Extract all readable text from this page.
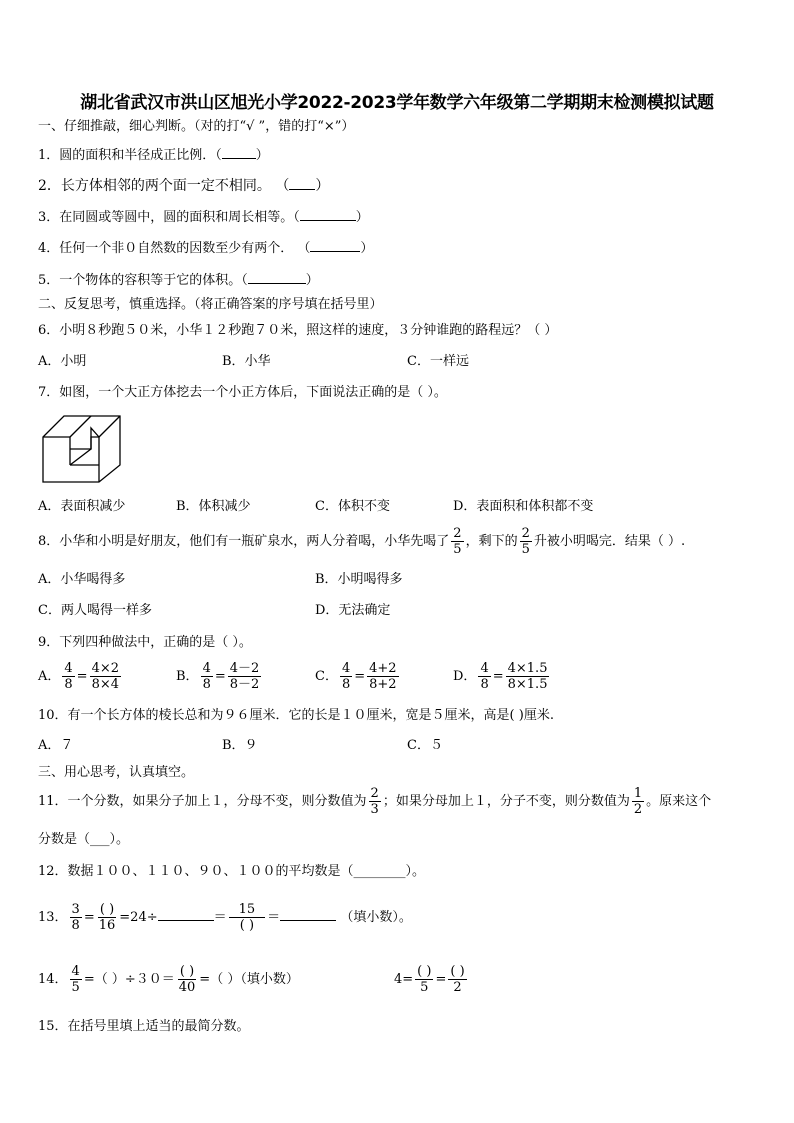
湖北省武汉市洪山区旭光小学2022-2023学年数学六年级第二学期期末检测模拟试题
一、仔细推敲，细心判断。（对的打“√ ”，错的打“×”）
1．圆的面积和半径成正比例．（	）
2．长方体相邻的两个面一定不相同。 （ ）
3．在同圆或等圆中，圆的面积和周长相等。（	）
4．任何一个非０自然数的因数至少有两个． （	）
5．一个物体的容积等于它的体积。（	）
二、反复思考，慎重选择。（将正确答案的序号填在括号里）
6．小明８秒跑５０米，小华１２秒跑７０米，照这样的速度，３分钟谁跑的路程远？（ ）
A．小明	B．小华	C．一样远
7．如图，一个大正方体挖去一个小正方体后，下面说法正确的是（ ）。
A．表面积减少	B．体积减少	C．体积不变	D．表面积和体积都不变
8．小华和小明是好朋友，他们有一瓶矿泉水，两人分着喝，小华先喝了 $\frac{2}{5}$ ，剩下的 $\frac{2}{5}$ 升被小明喝完．结果（ ）.
A．小华喝得多	B．小明喝得多
C．两人喝得一样多	D．无法确定
9．下列四种做法中，正确的是（ ）。
A． $\frac{4}{8} = \frac{4\times 2}{8\times 4}$	B． $\frac{4}{8} = \frac{4-2}{8-2}$	C． $\frac{4}{8} = \frac{4+2}{8+2}$	D． $\frac{4}{8} = \frac{4\times 1.5}{8\times 1.5}$
10．有一个长方体的棱长总和为９６厘米．它的长是１０厘米，宽是５厘米，高是( )厘米.
A．７	B．９	C．５
三、用心思考，认真填空。
11．一个分数，如果分子加上１，分母不变，则分数值为 $\frac{2}{3}$ ；如果分母加上１，分子不变，则分数值为 $\frac{1}{2}$ 。原来这个
分数是（___）。
12．数据１００、１１０、９０、１００的平均数是（________）。
13． $\frac{3}{8} = \frac{( )}{16} =24\div$	＝ $\frac{15}{( )}$ ＝	（填小数）。
14． $\frac{4}{5}$ =（ ）$\div 30= \frac{( )}{40}$ =（ ）（填小数）	$4= \frac{( )}{5} = \frac{( )}{2}$
15．在括号里填上适当的最简分数。
